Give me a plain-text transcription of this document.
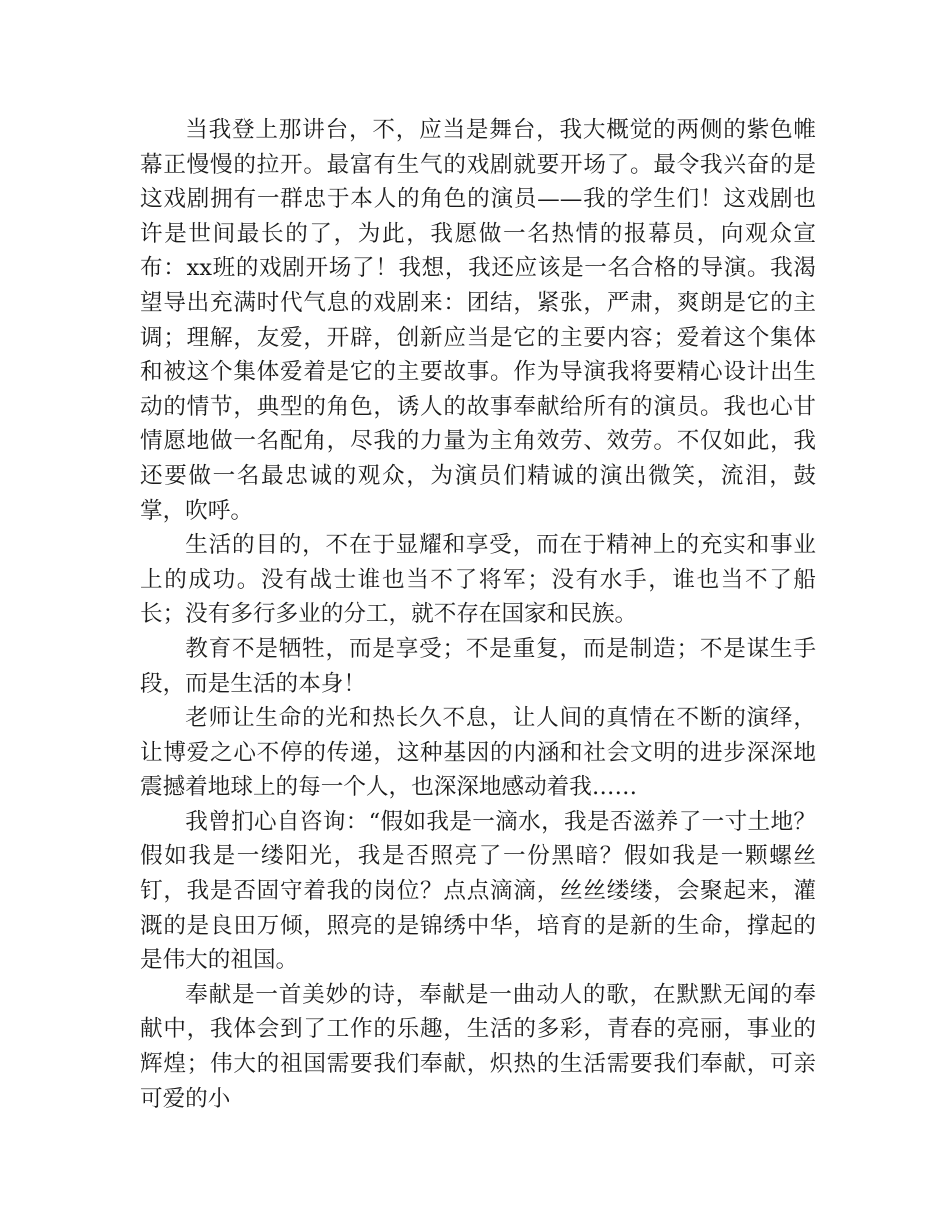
当我登上那讲台，不，应当是舞台，我大概觉的两侧的紫色帷幕正慢慢的拉开。最富有生气的戏剧就要开场了。最令我兴奋的是这戏剧拥有一群忠于本人的角色的演员——我的学生们！这戏剧也许是世间最长的了，为此，我愿做一名热情的报幕员，向观众宣布：xx班的戏剧开场了！我想，我还应该是一名合格的导演。我渴望导出充满时代气息的戏剧来：团结，紧张，严肃，爽朗是它的主调；理解，友爱，开辟，创新应当是它的主要内容；爱着这个集体和被这个集体爱着是它的主要故事。作为导演我将要精心设计出生动的情节，典型的角色，诱人的故事奉献给所有的演员。我也心甘情愿地做一名配角，尽我的力量为主角效劳、效劳。不仅如此，我还要做一名最忠诚的观众，为演员们精诚的演出微笑，流泪，鼓掌，吹呼。

生活的目的，不在于显耀和享受，而在于精神上的充实和事业上的成功。没有战士谁也当不了将军；没有水手，谁也当不了船长；没有多行多业的分工，就不存在国家和民族。

教育不是牺牲，而是享受；不是重复，而是制造；不是谋生手段，而是生活的本身！

老师让生命的光和热长久不息，让人间的真情在不断的演绎，让博爱之心不停的传递，这种基因的内涵和社会文明的进步深深地震撼着地球上的每一个人，也深深地感动着我……

我曾扪心自咨询：“假如我是一滴水，我是否滋养了一寸土地？假如我是一缕阳光，我是否照亮了一份黑暗？假如我是一颗螺丝钉，我是否固守着我的岗位？点点滴滴，丝丝缕缕，会聚起来，灌溉的是良田万倾，照亮的是锦绣中华，培育的是新的生命，撑起的是伟大的祖国。

奉献是一首美妙的诗，奉献是一曲动人的歌，在默默无闻的奉献中，我体会到了工作的乐趣，生活的多彩，青春的亮丽，事业的辉煌；伟大的祖国需要我们奉献，炽热的生活需要我们奉献，可亲可爱的小
